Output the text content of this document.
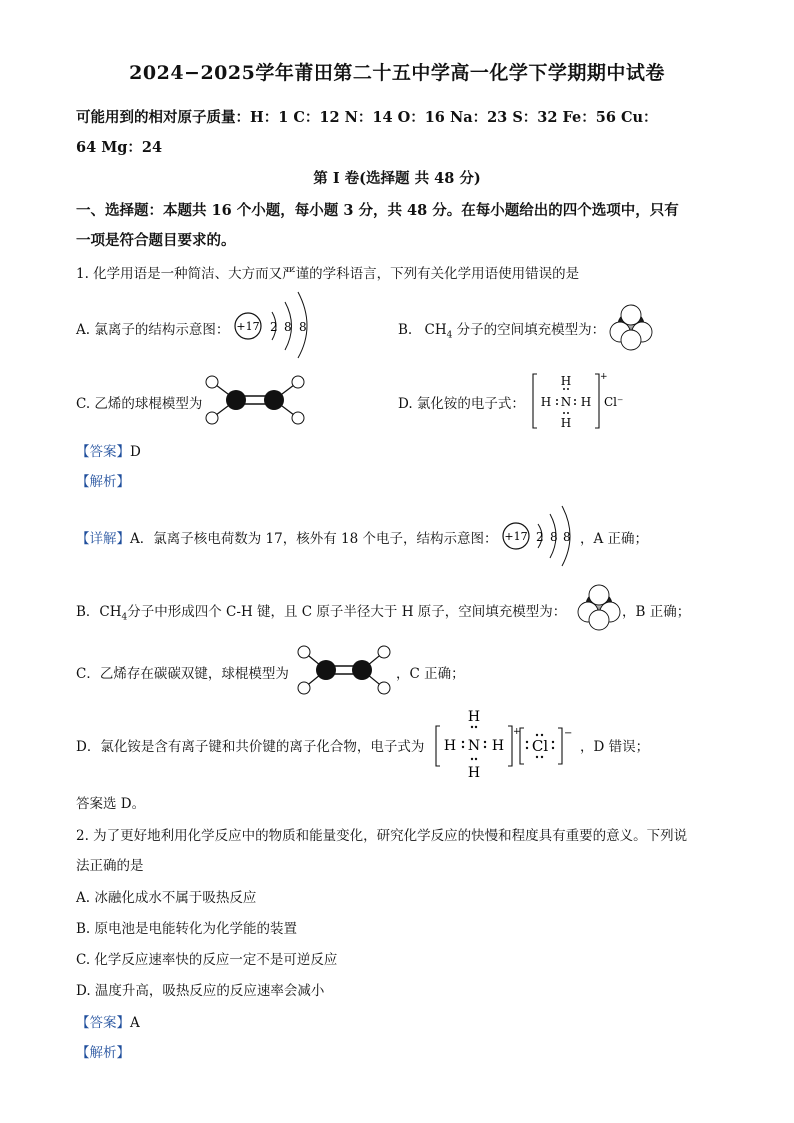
2024−2025学年莆田第二十五中学高一化学下学期期中试卷
可能用到的相对原子质量：H：1 C：12 N：14 O：16 Na：23 S：32 Fe：56 Cu：
64 Mg：24
第 I 卷(选择题 共 48 分)
一、选择题：本题共 16 个小题，每小题 3 分，共 48 分。在每小题给出的四个选项中，只有
一项是符合题目要求的。
1. 化学用语是一种简洁、大方而又严谨的学科语言，下列有关化学用语使用错误的是
A. 氯离子的结构示意图： +17 2 8 8	B. $CH_4$ 分子的空间填充模型为：
C. 乙烯的球棍模型为	D. 氯化铵的电子式：
H
H N H
H
+
Cl⁻
【答案】D
【解析】
【详解】A．氯离子核电荷数为 17，核外有 18 个电子，结构示意图： +17 2 8 8 ，A 正确；
B．$CH_4$分子中形成四个 C-H 键，且 C 原子半径大于 H 原子，空间填充模型为：	，B 正确；
C．乙烯存在碳碳双键，球棍模型为	，C 正确；
D．氯化铵是含有离子键和共价键的离子化合物，电子式为
H
H N H
H
+
Cl
−
，D 错误；
答案选 D。
2. 为了更好地利用化学反应中的物质和能量变化，研究化学反应的快慢和程度具有重要的意义。下列说
法正确的是
A. 冰融化成水不属于吸热反应
B. 原电池是电能转化为化学能的装置
C. 化学反应速率快的反应一定不是可逆反应
D. 温度升高，吸热反应的反应速率会减小
【答案】A
【解析】
